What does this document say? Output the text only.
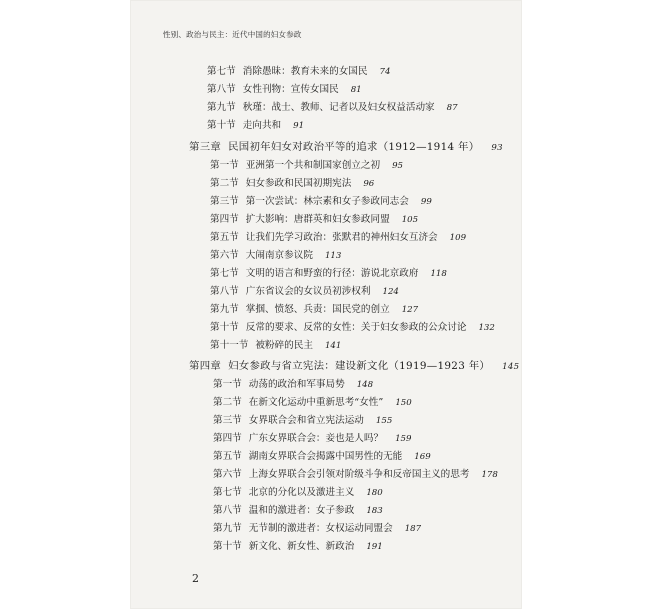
性别、政治与民主：近代中国的妇女参政
第七节 消除愚昧：教育未来的女国民 74
第八节 女性刊物：宣传女国民 81
第九节 秋瑾：战士、教师、记者以及妇女权益活动家 87
第十节 走向共和 91
第三章 民国初年妇女对政治平等的追求（1912—1914 年） 93
第一节 亚洲第一个共和制国家创立之初 95
第二节 妇女参政和民国初期宪法 96
第三节 第一次尝试：林宗素和女子参政同志会 99
第四节 扩大影响：唐群英和妇女参政同盟 105
第五节 让我们先学习政治：张默君的神州妇女互济会 109
第六节 大闹南京参议院 113
第七节 文明的语言和野蛮的行径：游说北京政府 118
第八节 广东省议会的女议员初涉权利 124
第九节 掌掴、愤怒、兵责：国民党的创立 127
第十节 反常的要求、反常的女性：关于妇女参政的公众讨论 132
第十一节 被粉碎的民主 141
第四章 妇女参政与省立宪法：建设新文化（1919—1923 年） 145
第一节 动荡的政治和军事局势 148
第二节 在新文化运动中重新思考“女性” 150
第三节 女界联合会和省立宪法运动 155
第四节 广东女界联合会：妾也是人吗？ 159
第五节 湖南女界联合会揭露中国男性的无能 169
第六节 上海女界联合会引领对阶级斗争和反帝国主义的思考 178
第七节 北京的分化以及激进主义 180
第八节 温和的激进者：女子参政 183
第九节 无节制的激进者：女权运动同盟会 187
第十节 新文化、新女性、新政治 191
2
